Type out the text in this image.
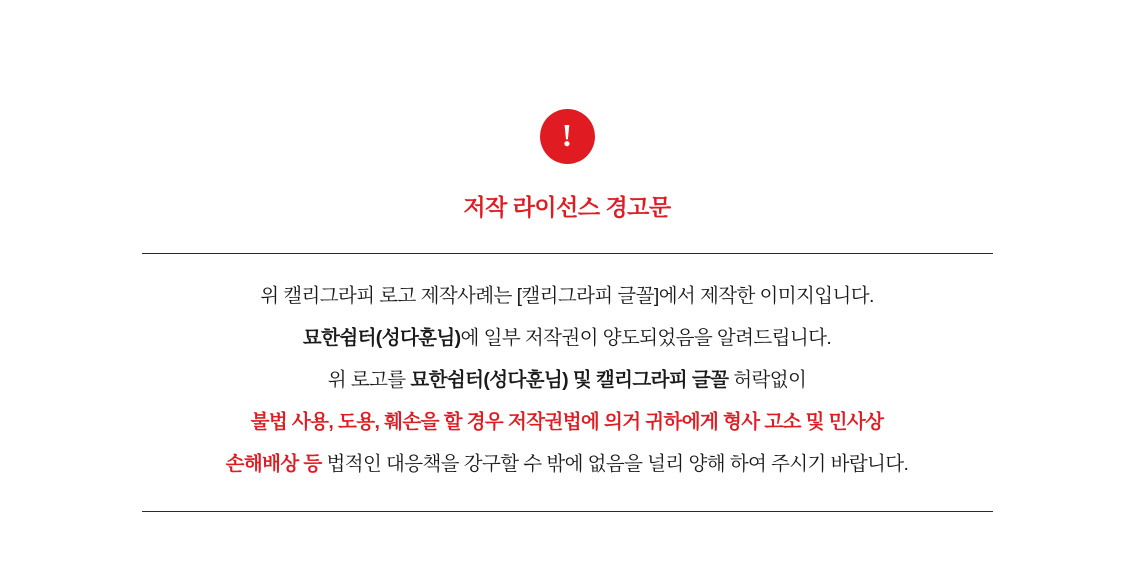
!
저작 라이선스 경고문
위 캘리그라피 로고 제작사례는 [캘리그라피 글꼴]에서 제작한 이미지입니다.
묘한쉼터(성다훈님)에 일부 저작권이 양도되었음을 알려드립니다.
위 로고를 묘한쉼터(성다훈님) 및 캘리그라피 글꼴 허락없이
불법 사용, 도용, 훼손을 할 경우 저작권법에 의거 귀하에게 형사 고소 및 민사상
손해배상 등 법적인 대응책을 강구할 수 밖에 없음을 널리 양해 하여 주시기 바랍니다.
